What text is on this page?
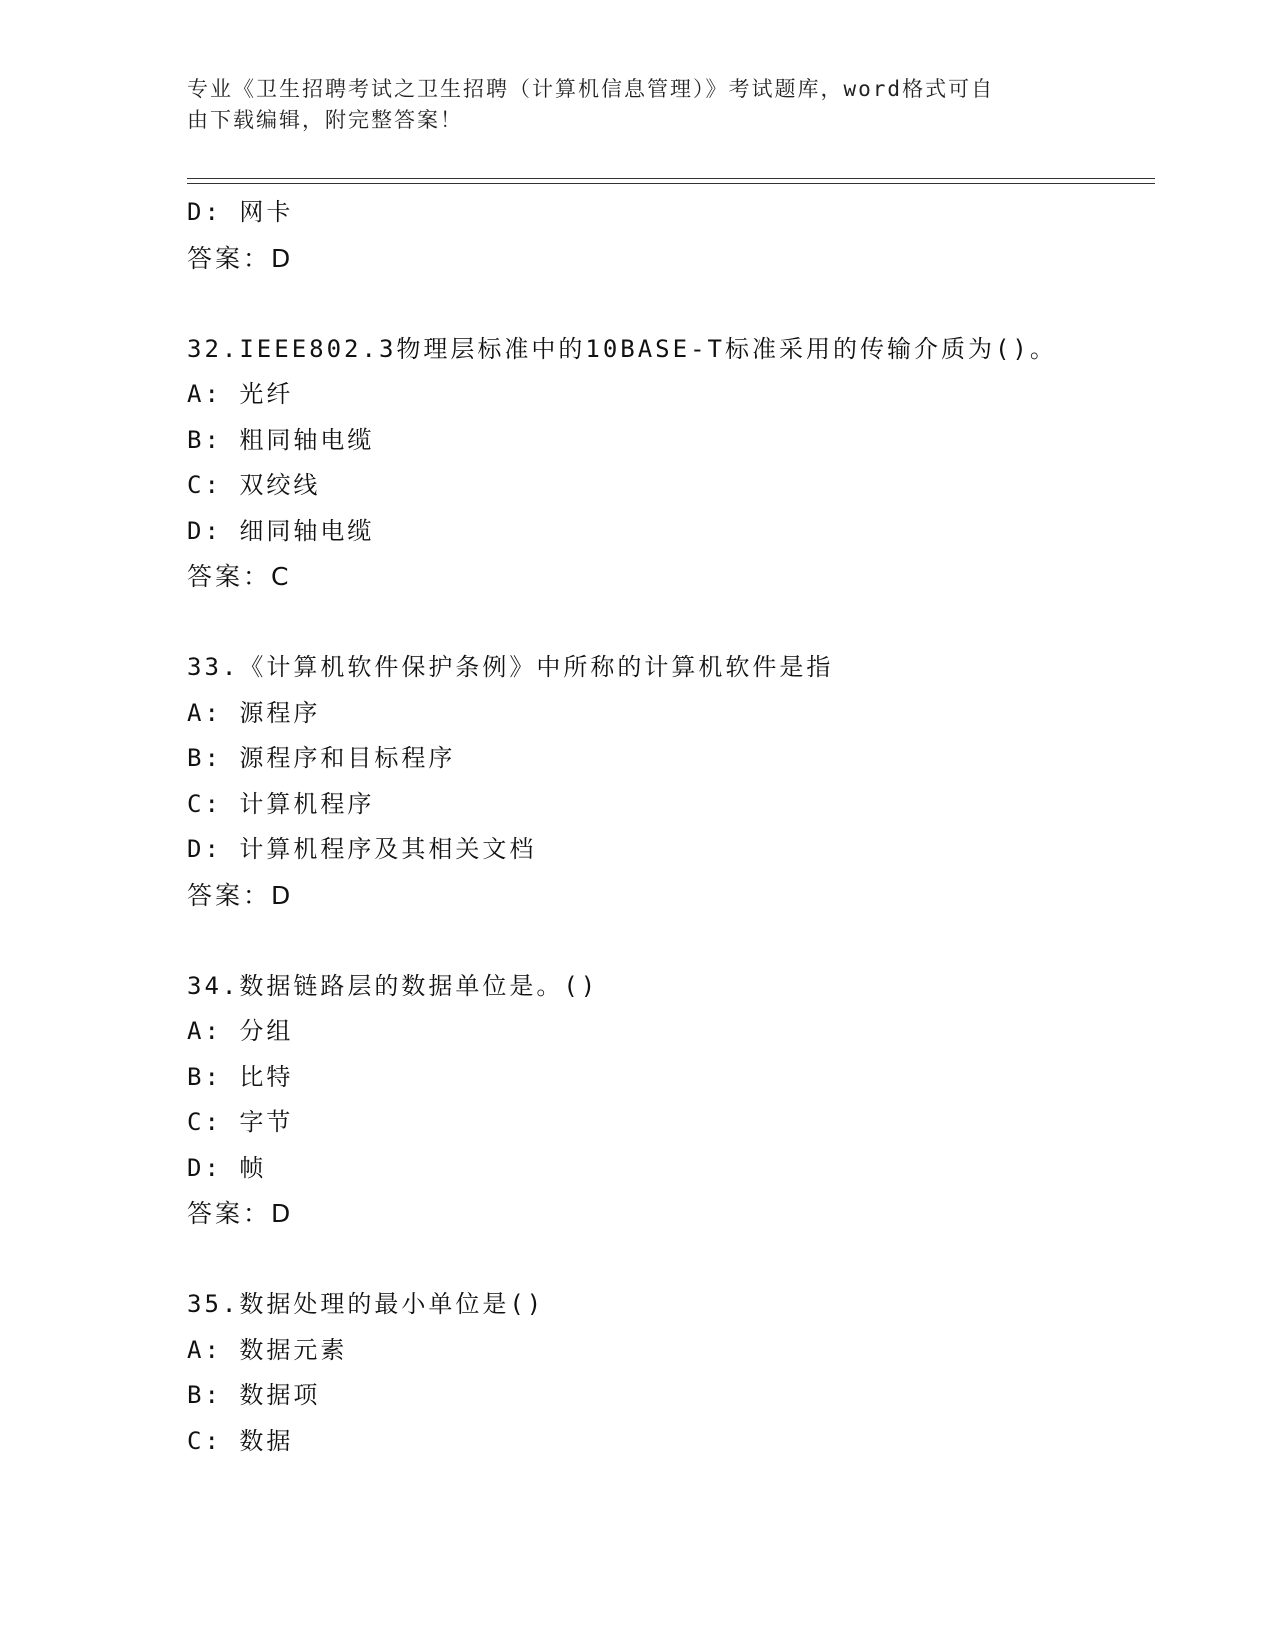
专业《卫生招聘考试之卫生招聘（计算机信息管理）》考试题库，word格式可自
由下载编辑，附完整答案！
D: 网卡
答案：D
32.IEEE802.3物理层标准中的10BASE-T标准采用的传输介质为()。
A: 光纤
B: 粗同轴电缆
C: 双绞线
D: 细同轴电缆
答案：C
33.《计算机软件保护条例》中所称的计算机软件是指
A: 源程序
B: 源程序和目标程序
C: 计算机程序
D: 计算机程序及其相关文档
答案：D
34.数据链路层的数据单位是。()
A: 分组
B: 比特
C: 字节
D: 帧
答案：D
35.数据处理的最小单位是()
A: 数据元素
B: 数据项
C: 数据
